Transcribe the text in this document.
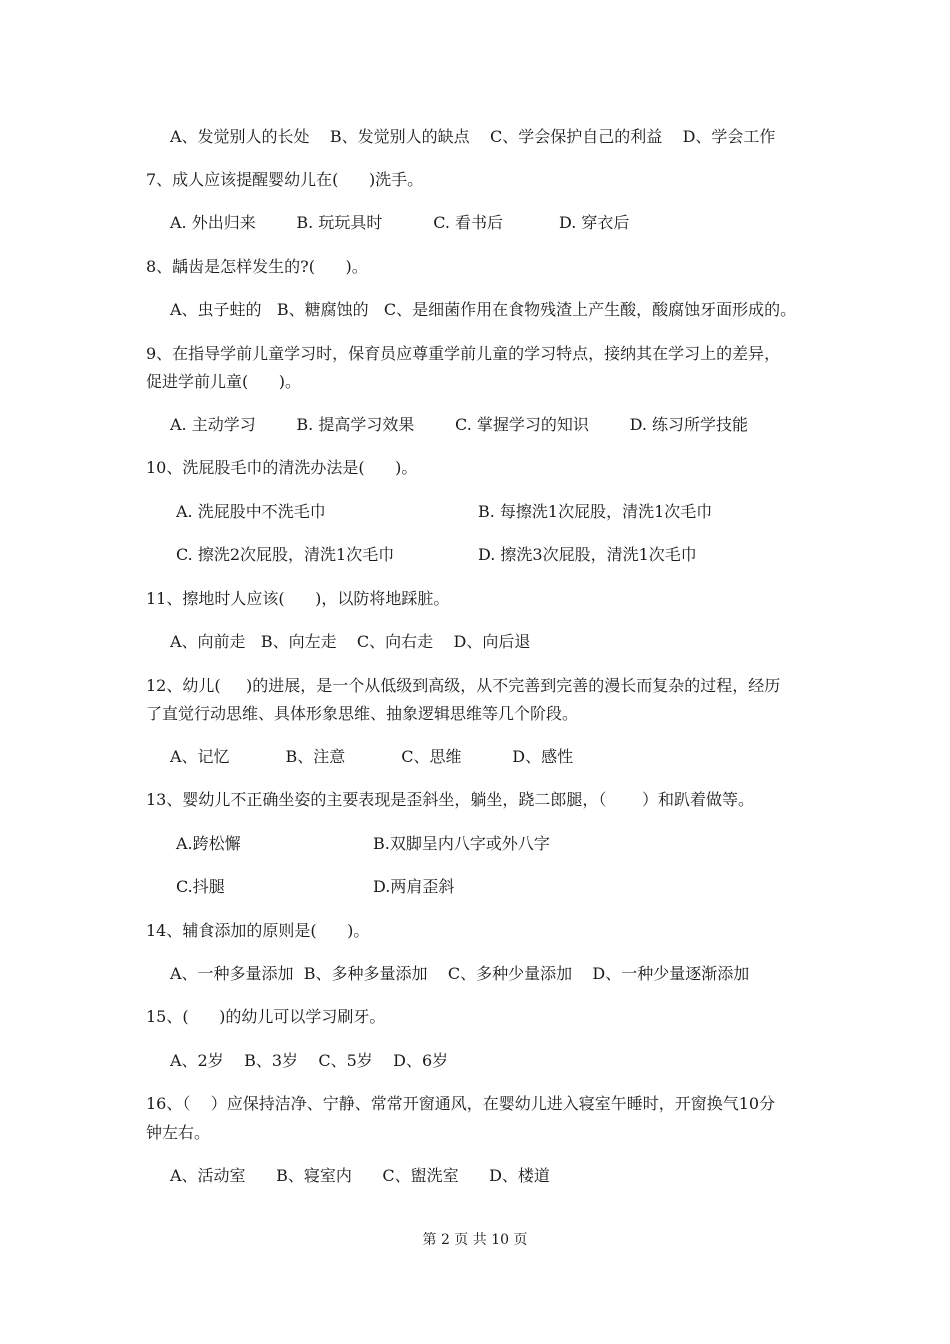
A、发觉别人的长处    B、发觉别人的缺点    C、学会保护自己的利益    D、学会工作
7、成人应该提醒婴幼儿在(      )洗手。
A. 外出归来        B. 玩玩具时          C. 看书后           D. 穿衣后
8、龋齿是怎样发生的?(      )。
A、虫子蛀的   B、糖腐蚀的   C、是细菌作用在食物残渣上产生酸，酸腐蚀牙面形成的。
9、在指导学前儿童学习时，保育员应尊重学前儿童的学习特点，接纳其在学习上的差异，
促进学前儿童(      )。
A. 主动学习        B. 提高学习效果        C. 掌握学习的知识        D. 练习所学技能
10、洗屁股毛巾的清洗办法是(      )。
A. 洗屁股中不洗毛巾	B. 每擦洗1次屁股，清洗1次毛巾
C. 擦洗2次屁股，清洗1次毛巾	D. 擦洗3次屁股，清洗1次毛巾
11、擦地时人应该(      )，以防将地踩脏。
A、向前走   B、向左走    C、向右走    D、向后退
12、幼儿(     )的进展，是一个从低级到高级，从不完善到完善的漫长而复杂的过程，经历
了直觉行动思维、具体形象思维、抽象逻辑思维等几个阶段。
A、记忆           B、注意           C、思维          D、感性
13、婴幼儿不正确坐姿的主要表现是歪斜坐，躺坐，跷二郎腿，（       ）和趴着做等。
A.跨松懈	B.双脚呈内八字或外八字
C.抖腿	D.两肩歪斜
14、辅食添加的原则是(      )。
A、一种多量添加  B、多种多量添加    C、多种少量添加    D、一种少量逐渐添加
15、(      )的幼儿可以学习刷牙。
A、2岁    B、3岁    C、5岁    D、6岁
16、（    ）应保持洁净、宁静、常常开窗通风，在婴幼儿进入寝室午睡时，开窗换气10分
钟左右。
A、活动室      B、寝室内      C、盥洗室      D、楼道
第 2 页 共 10 页
